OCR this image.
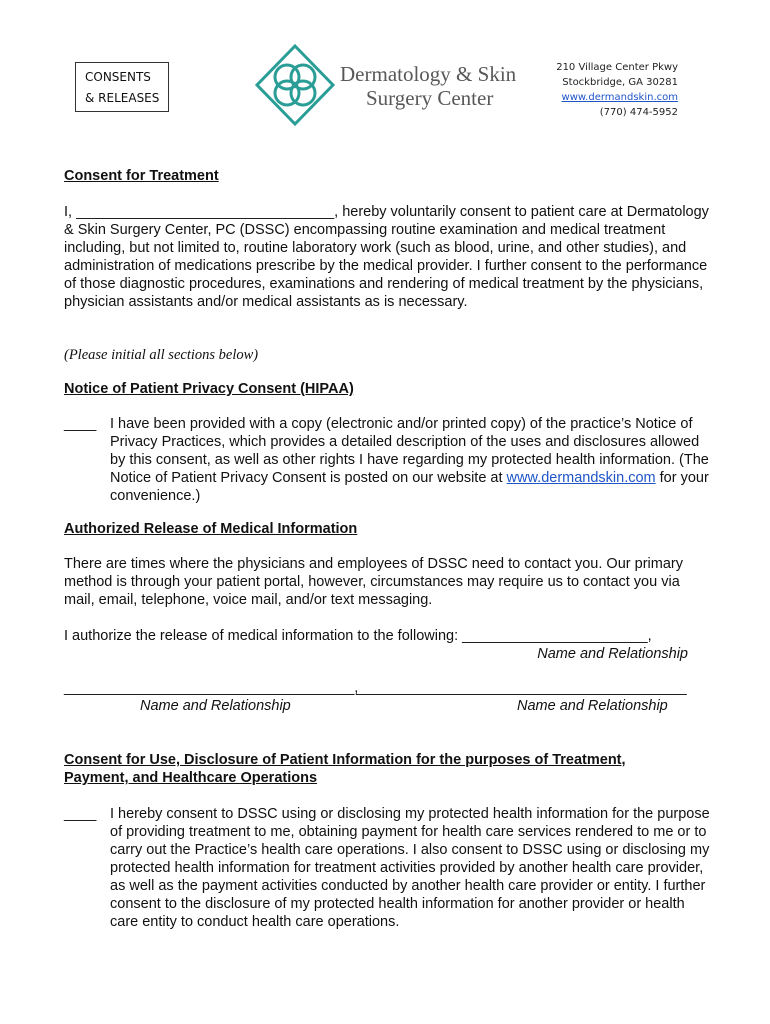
CONSENTS
& RELEASES
Dermatology & Skin
Surgery Center
210 Village Center Pkwy
Stockbridge, GA 30281
www.dermandskin.com
(770) 474-5952
Consent for Treatment

I, ________________________________, hereby voluntarily consent to patient care at Dermatology & Skin Surgery Center, PC (DSSC) encompassing routine examination and medical treatment including, but not limited to, routine laboratory work (such as blood, urine, and other studies), and administration of medications prescribe by the medical provider. I further consent to the performance of those diagnostic procedures, examinations and rendering of medical treatment by the physicians, physician assistants and/or medical assistants as is necessary.

(Please initial all sections below)

Notice of Patient Privacy Consent (HIPAA)
____ I have been provided with a copy (electronic and/or printed copy) of the practice’s Notice of Privacy Practices, which provides a detailed description of the uses and disclosures allowed by this consent, as well as other rights I have regarding my protected health information. (The Notice of Patient Privacy Consent is posted on our website at www.dermandskin.com for your convenience.)

Authorized Release of Medical Information

There are times where the physicians and employees of DSSC need to contact you. Our primary method is through your patient portal, however, circumstances may require us to contact you via mail, email, telephone, voice mail, and/or text messaging.

I authorize the release of medical information to the following: _______________________,

Name and Relationship

____________________________________,
_________________________________________
Name and Relationship	Name and Relationship
Consent for Use, Disclosure of Patient Information for the purposes of Treatment,
Payment, and Healthcare Operations
____ I hereby consent to DSSC using or disclosing my protected health information for the purpose of providing treatment to me, obtaining payment for health care services rendered to me or to carry out the Practice’s health care operations. I also consent to DSSC using or disclosing my protected health information for treatment activities provided by another health care provider, as well as the payment activities conducted by another health care provider or entity. I further consent to the disclosure of my protected health information for another provider or health care entity to conduct health care operations.
